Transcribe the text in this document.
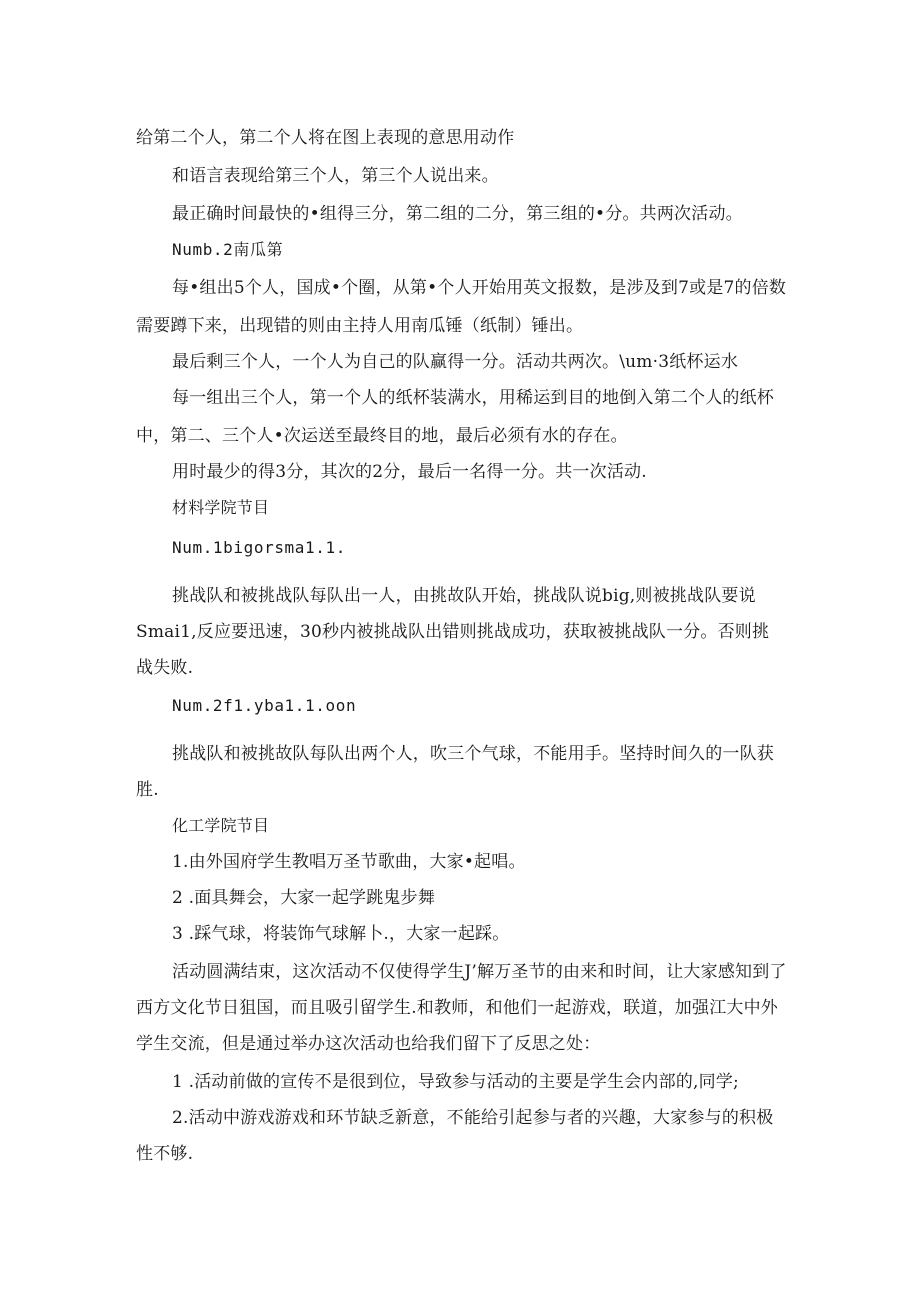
给第二个人，第二个人将在图上表现的意思用动作
和语言表现给第三个人，第三个人说出来。
最正确时间最快的•组得三分，第二组的二分，第三组的•分。共两次活动。
Numb.2南瓜第
每•组出5个人，国成•个圈，从第•个人开始用英文报数，是涉及到7或是7的倍数
需要蹲下来，出现错的则由主持人用南瓜锤（纸制）锤出。
最后剩三个人，一个人为自己的队赢得一分。活动共两次。\um·3纸杯运水
每一组出三个人，第一个人的纸杯装满水，用稀运到目的地倒入第二个人的纸杯
中，第二、三个人•次运送至最终目的地，最后必须有水的存在。
用时最少的得3分，其次的2分，最后一名得一分。共一次活动.
材料学院节目
Num.1bigorsma1.1.
挑战队和被挑战队每队出一人，由挑故队开始，挑战队说big,则被挑战队要说
Smai1,反应要迅速，30秒内被挑战队出错则挑战成功，获取被挑战队一分。否则挑
战失败.
Num.2f1.yba1.1.oon
挑战队和被挑故队每队出两个人，吹三个气球，不能用手。坚持时间久的一队获
胜.
化工学院节目
1.由外国府学生教唱万圣节歌曲，大家•起唱。
2 .面具舞会，大家一起学跳鬼步舞
3 .踩气球，将装饰气球解卜.，大家一起踩。
活动圆满结束，这次活动不仅使得学生J’解万圣节的由来和时间，让大家感知到了
西方文化节日狙国，而且吸引留学生.和教师，和他们一起游戏，联道，加强江大中外
学生交流，但是通过举办这次活动也给我们留下了反思之处：
1 .活动前做的宣传不是很到位，导致参与活动的主要是学生会内部的,同学;
2.活动中游戏游戏和环节缺乏新意，不能给引起参与者的兴趣，大家参与的积极
性不够.
